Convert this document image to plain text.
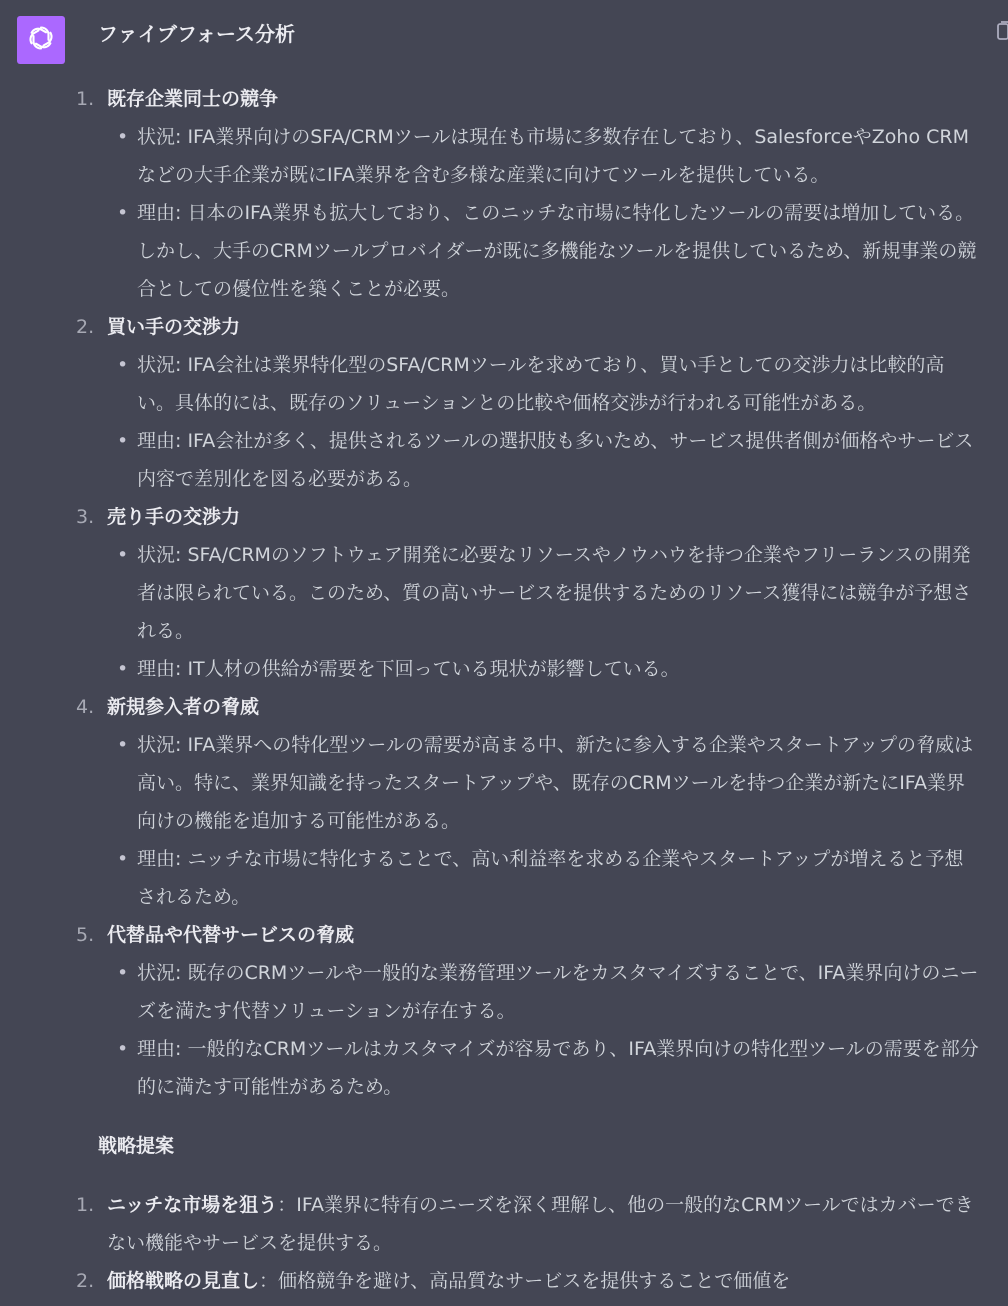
ファイブフォース分析
1. 既存企業同士の競争
• 状況: IFA業界向けのSFA/CRMツールは現在も市場に多数存在しており、SalesforceやZoho CRMなどの大手企業が既にIFA業界を含む多様な産業に向けてツールを提供している。
• 理由: 日本のIFA業界も拡大しており、このニッチな市場に特化したツールの需要は増加している。しかし、大手のCRMツールプロバイダーが既に多機能なツールを提供しているため、新規事業の競合としての優位性を築くことが必要。
2. 買い手の交渉力
• 状況: IFA会社は業界特化型のSFA/CRMツールを求めており、買い手としての交渉力は比較的高い。具体的には、既存のソリューションとの比較や価格交渉が行われる可能性がある。
• 理由: IFA会社が多く、提供されるツールの選択肢も多いため、サービス提供者側が価格やサービス内容で差別化を図る必要がある。
3. 売り手の交渉力
• 状況: SFA/CRMのソフトウェア開発に必要なリソースやノウハウを持つ企業やフリーランスの開発者は限られている。このため、質の高いサービスを提供するためのリソース獲得には競争が予想される。
• 理由: IT人材の供給が需要を下回っている現状が影響している。
4. 新規参入者の脅威
• 状況: IFA業界への特化型ツールの需要が高まる中、新たに参入する企業やスタートアップの脅威は高い。特に、業界知識を持ったスタートアップや、既存のCRMツールを持つ企業が新たにIFA業界向けの機能を追加する可能性がある。
• 理由: ニッチな市場に特化することで、高い利益率を求める企業やスタートアップが増えると予想されるため。
5. 代替品や代替サービスの脅威
• 状況: 既存のCRMツールや一般的な業務管理ツールをカスタマイズすることで、IFA業界向けのニーズを満たす代替ソリューションが存在する。
• 理由: 一般的なCRMツールはカスタマイズが容易であり、IFA業界向けの特化型ツールの需要を部分的に満たす可能性があるため。
戦略提案
1. ニッチな市場を狙う：IFA業界に特有のニーズを深く理解し、他の一般的なCRMツールではカバーできない機能やサービスを提供する。
2. 価格戦略の見直し：価格競争を避け、高品質なサービスを提供することで価値を
